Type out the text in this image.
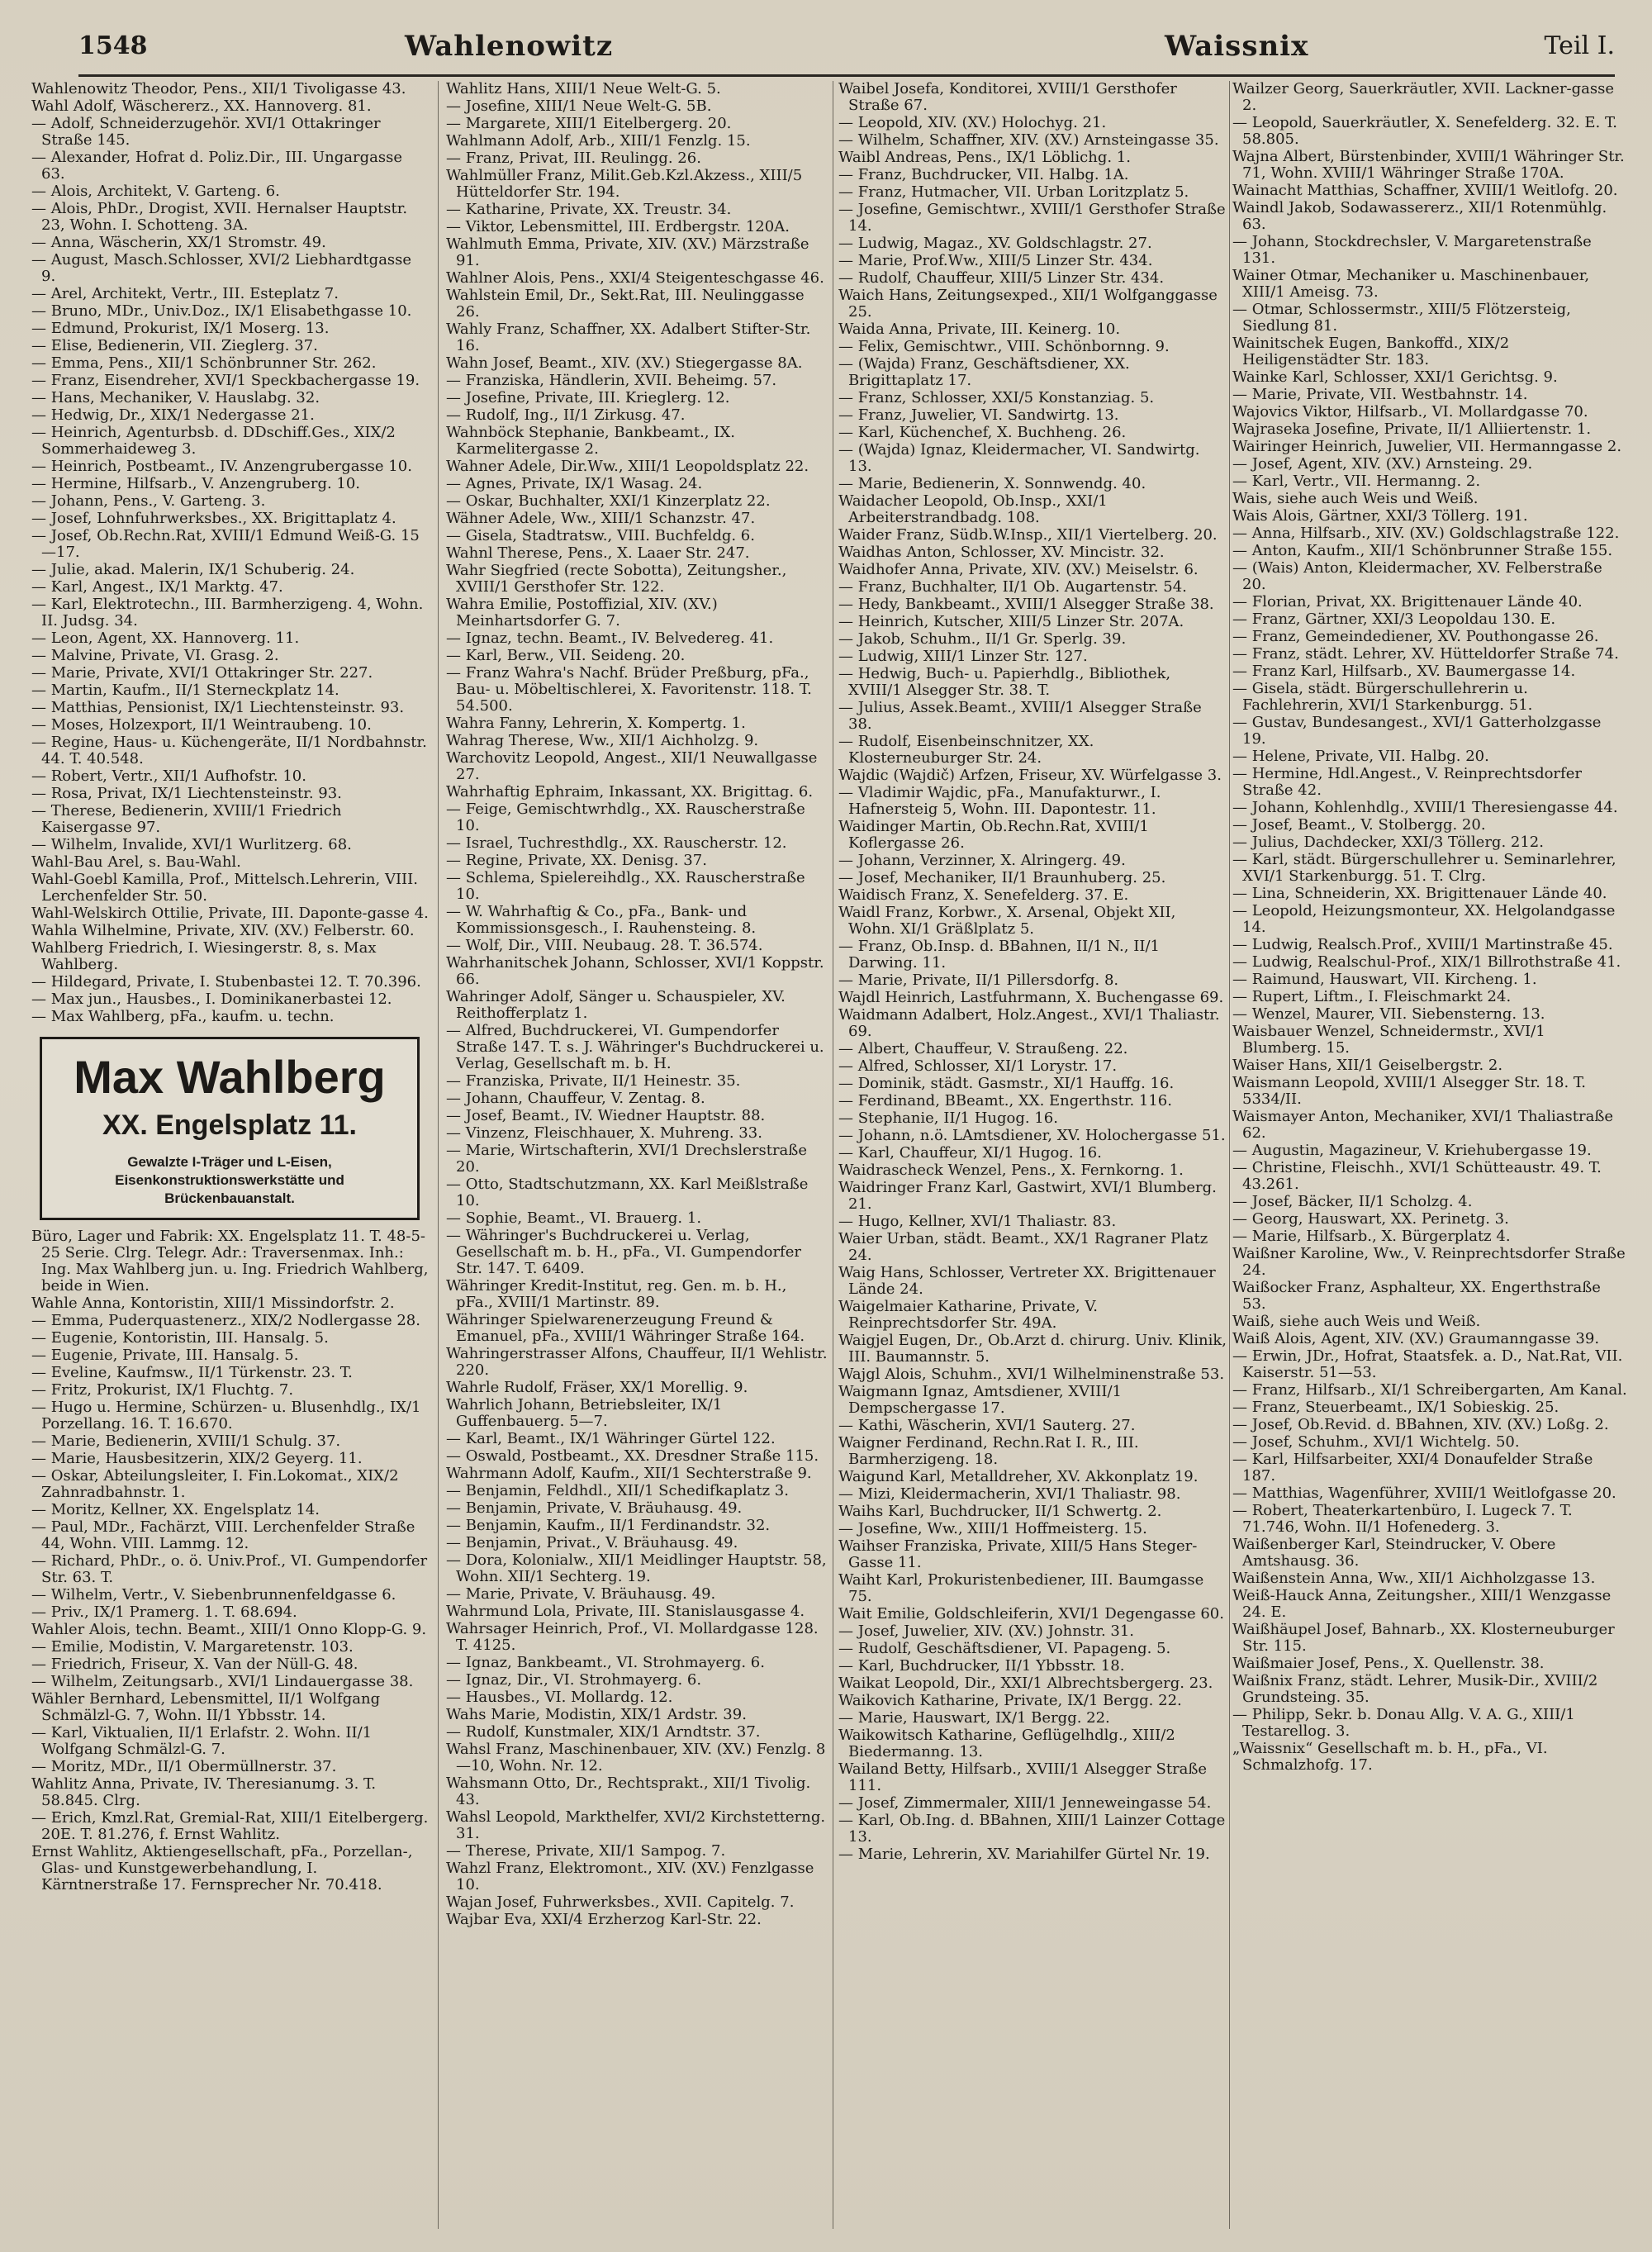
1548	Wahlenowitz	Waissnix	Teil I.
Wahlenowitz Theodor, Pens., XII/1 Tivoligasse 43.
Wahl Adolf, Wäschererz., XX. Hannoverg. 81.
— Adolf, Schneiderzugehör. XVI/1 Ottakringer Straße 145.
— Alexander, Hofrat d. Poliz.Dir., III. Ungargasse 63.
— Alois, Architekt, V. Garteng. 6.
— Alois, PhDr., Drogist, XVII. Hernalser Hauptstr. 23, Wohn. I. Schotteng. 3A.
— Anna, Wäscherin, XX/1 Stromstr. 49.
— August, Masch.Schlosser, XVI/2 Liebhardtgasse 9.
— Arel, Architekt, Vertr., III. Esteplatz 7.
— Bruno, MDr., Univ.Doz., IX/1 Elisabethgasse 10.
— Edmund, Prokurist, IX/1 Moserg. 13.
— Elise, Bedienerin, VII. Zieglerg. 37.
— Emma, Pens., XII/1 Schönbrunner Str. 262.
— Franz, Eisendreher, XVI/1 Speckbachergasse 19.
— Hans, Mechaniker, V. Hauslabg. 32.
— Hedwig, Dr., XIX/1 Nedergasse 21.
— Heinrich, Agenturbsb. d. DDschiff.Ges., XIX/2 Sommerhaideweg 3.
— Heinrich, Postbeamt., IV. Anzengrubergasse 10.
— Hermine, Hilfsarb., V. Anzengruberg. 10.
— Johann, Pens., V. Garteng. 3.
— Josef, Lohnfuhrwerksbes., XX. Brigittaplatz 4.
— Josef, Ob.Rechn.Rat, XVIII/1 Edmund Weiß-G. 15—17.
— Julie, akad. Malerin, IX/1 Schuberig. 24.
— Karl, Angest., IX/1 Marktg. 47.
— Karl, Elektrotechn., III. Barmherzigeng. 4, Wohn. II. Judsg. 34.
— Leon, Agent, XX. Hannoverg. 11.
— Malvine, Private, VI. Grasg. 2.
— Marie, Private, XVI/1 Ottakringer Str. 227.
— Martin, Kaufm., II/1 Sterneckplatz 14.
— Matthias, Pensionist, IX/1 Liechtensteinstr. 93.
— Moses, Holzexport, II/1 Weintraubeng. 10.
— Regine, Haus- u. Küchengeräte, II/1 Nordbahnstr. 44. T. 40.548.
— Robert, Vertr., XII/1 Aufhofstr. 10.
— Rosa, Privat, IX/1 Liechtensteinstr. 93.
— Therese, Bedienerin, XVIII/1 Friedrich Kaisergasse 97.
— Wilhelm, Invalide, XVI/1 Wurlitzerg. 68.
Wahl-Bau Arel, s. Bau-Wahl.
Wahl-Goebl Kamilla, Prof., Mittelsch.Lehrerin, VIII. Lerchenfelder Str. 50.
Wahl-Welskirch Ottilie, Private, III. Daponte-gasse 4.
Wahla Wilhelmine, Private, XIV. (XV.) Felberstr. 60.
Wahlberg Friedrich, I. Wiesingerstr. 8, s. Max Wahlberg.
— Hildegard, Private, I. Stubenbastei 12. T. 70.396.
— Max jun., Hausbes., I. Dominikanerbastei 12.
— Max Wahlberg, pFa., kaufm. u. techn.
Max Wahlberg
XX. Engelsplatz 11.
Gewalzte I-Träger und L-Eisen, Eisenkonstruktionswerkstätte und Brückenbauanstalt.
Büro, Lager und Fabrik: XX. Engelsplatz 11. T. 48-5-25 Serie. Clrg. Telegr. Adr.: Traversenmax. Inh.: Ing. Max Wahlberg jun. u. Ing. Friedrich Wahlberg, beide in Wien.
Wahle Anna, Kontoristin, XIII/1 Missindorfstr. 2.
— Emma, Puderquastenerz., XIX/2 Nodlergasse 28.
— Eugenie, Kontoristin, III. Hansalg. 5.
— Eugenie, Private, III. Hansalg. 5.
— Eveline, Kaufmsw., II/1 Türkenstr. 23. T.
— Fritz, Prokurist, IX/1 Fluchtg. 7.
— Hugo u. Hermine, Schürzen- u. Blusenhdlg., IX/1 Porzellang. 16. T. 16.670.
— Marie, Bedienerin, XVIII/1 Schulg. 37.
— Marie, Hausbesitzerin, XIX/2 Geyerg. 11.
— Oskar, Abteilungsleiter, I. Fin.Lokomat., XIX/2 Zahnradbahnstr. 1.
— Moritz, Kellner, XX. Engelsplatz 14.
— Paul, MDr., Fachärzt, VIII. Lerchenfelder Straße 44, Wohn. VIII. Lammg. 12.
— Richard, PhDr., o. ö. Univ.Prof., VI. Gumpendorfer Str. 63. T.
— Wilhelm, Vertr., V. Siebenbrunnenfeldgasse 6.
— Priv., IX/1 Pramerg. 1. T. 68.694.
Wahler Alois, techn. Beamt., XIII/1 Onno Klopp-G. 9.
— Emilie, Modistin, V. Margaretenstr. 103.
— Friedrich, Friseur, X. Van der Nüll-G. 48.
— Wilhelm, Zeitungsarb., XVI/1 Lindauergasse 38.
Wähler Bernhard, Lebensmittel, II/1 Wolfgang Schmälzl-G. 7, Wohn. II/1 Ybbsstr. 14.
— Karl, Viktualien, II/1 Erlafstr. 2. Wohn. II/1 Wolfgang Schmälzl-G. 7.
— Moritz, MDr., II/1 Obermüllnerstr. 37.
Wahlitz Anna, Private, IV. Theresianumg. 3. T. 58.845. Clrg.
— Erich, Kmzl.Rat, Gremial-Rat, XIII/1 Eitelbergerg. 20E. T. 81.276, f. Ernst Wahlitz.
Ernst Wahlitz, Aktiengesellschaft, pFa., Porzellan-, Glas- und Kunstgewerbehandlung, I. Kärntnerstraße 17. Fernsprecher Nr. 70.418.
Wahlitz Hans, XIII/1 Neue Welt-G. 5.
— Josefine, XIII/1 Neue Welt-G. 5B.
— Margarete, XIII/1 Eitelbergerg. 20.
Wahlmann Adolf, Arb., XIII/1 Fenzlg. 15.
— Franz, Privat, III. Reulingg. 26.
Wahlmüller Franz, Milit.Geb.Kzl.Akzess., XIII/5 Hütteldorfer Str. 194.
— Katharine, Private, XX. Treustr. 34.
— Viktor, Lebensmittel, III. Erdbergstr. 120A.
Wahlmuth Emma, Private, XIV. (XV.) Märzstraße 91.
Wahlner Alois, Pens., XXI/4 Steigenteschgasse 46.
Wahlstein Emil, Dr., Sekt.Rat, III. Neulinggasse 26.
Wahly Franz, Schaffner, XX. Adalbert Stifter-Str. 16.
Wahn Josef, Beamt., XIV. (XV.) Stiegergasse 8A.
— Franziska, Händlerin, XVII. Beheimg. 57.
— Josefine, Private, III. Krieglerg. 12.
— Rudolf, Ing., II/1 Zirkusg. 47.
Wahnböck Stephanie, Bankbeamt., IX. Karmelitergasse 2.
Wahner Adele, Dir.Ww., XIII/1 Leopoldsplatz 22.
— Agnes, Private, IX/1 Wasag. 24.
— Oskar, Buchhalter, XXI/1 Kinzerplatz 22.
Wähner Adele, Ww., XIII/1 Schanzstr. 47.
— Gisela, Stadtratsw., VIII. Buchfeldg. 6.
Wahnl Therese, Pens., X. Laaer Str. 247.
Wahr Siegfried (recte Sobotta), Zeitungsher., XVIII/1 Gersthofer Str. 122.
Wahra Emilie, Postoffizial, XIV. (XV.) Meinhartsdorfer G. 7.
— Ignaz, techn. Beamt., IV. Belvedereg. 41.
— Karl, Berw., VII. Seideng. 20.
— Franz Wahra's Nachf. Brüder Preßburg, pFa., Bau- u. Möbeltischlerei, X. Favoritenstr. 118. T. 54.500.
Wahra Fanny, Lehrerin, X. Kompertg. 1.
Wahrag Therese, Ww., XII/1 Aichholzg. 9.
Warchovitz Leopold, Angest., XII/1 Neuwallgasse 27.
Wahrhaftig Ephraim, Inkassant, XX. Brigittag. 6.
— Feige, Gemischtwrhdlg., XX. Rauscherstraße 10.
— Israel, Tuchresthdlg., XX. Rauscherstr. 12.
— Regine, Private, XX. Denisg. 37.
— Schlema, Spielereihdlg., XX. Rauscherstraße 10.
— W. Wahrhaftig & Co., pFa., Bank- und Kommissionsgesch., I. Rauhensteing. 8.
— Wolf, Dir., VIII. Neubaug. 28. T. 36.574.
Wahrhanitschek Johann, Schlosser, XVI/1 Koppstr. 66.
Wahringer Adolf, Sänger u. Schauspieler, XV. Reithofferplatz 1.
— Alfred, Buchdruckerei, VI. Gumpendorfer Straße 147. T. s. J. Währinger's Buchdruckerei u. Verlag, Gesellschaft m. b. H.
— Franziska, Private, II/1 Heinestr. 35.
— Johann, Chauffeur, V. Zentag. 8.
— Josef, Beamt., IV. Wiedner Hauptstr. 88.
— Vinzenz, Fleischhauer, X. Muhreng. 33.
— Marie, Wirtschafterin, XVI/1 Drechslerstraße 20.
— Otto, Stadtschutzmann, XX. Karl Meißlstraße 10.
— Sophie, Beamt., VI. Brauerg. 1.
— Währinger's Buchdruckerei u. Verlag, Gesellschaft m. b. H., pFa., VI. Gumpendorfer Str. 147. T. 6409.
Währinger Kredit-Institut, reg. Gen. m. b. H., pFa., XVIII/1 Martinstr. 89.
Währinger Spielwarenerzeugung Freund & Emanuel, pFa., XVIII/1 Währinger Straße 164.
Wahringerstrasser Alfons, Chauffeur, II/1 Wehlistr. 220.
Wahrle Rudolf, Fräser, XX/1 Morellig. 9.
Wahrlich Johann, Betriebsleiter, IX/1 Guffenbauerg. 5—7.
— Karl, Beamt., IX/1 Währinger Gürtel 122.
— Oswald, Postbeamt., XX. Dresdner Straße 115.
Wahrmann Adolf, Kaufm., XII/1 Sechterstraße 9.
— Benjamin, Feldhdl., XII/1 Schedifkaplatz 3.
— Benjamin, Private, V. Bräuhausg. 49.
— Benjamin, Kaufm., II/1 Ferdinandstr. 32.
— Benjamin, Privat., V. Bräuhausg. 49.
— Dora, Kolonialw., XII/1 Meidlinger Hauptstr. 58, Wohn. XII/1 Sechterg. 19.
— Marie, Private, V. Bräuhausg. 49.
Wahrmund Lola, Private, III. Stanislausgasse 4.
Wahrsager Heinrich, Prof., VI. Mollardgasse 128. T. 4125.
— Ignaz, Bankbeamt., VI. Strohmayerg. 6.
— Ignaz, Dir., VI. Strohmayerg. 6.
— Hausbes., VI. Mollardg. 12.
Wahs Marie, Modistin, XIX/1 Ardstr. 39.
— Rudolf, Kunstmaler, XIX/1 Arndtstr. 37.
Wahsl Franz, Maschinenbauer, XIV. (XV.) Fenzlg. 8—10, Wohn. Nr. 12.
Wahsmann Otto, Dr., Rechtsprakt., XII/1 Tivolig. 43.
Wahsl Leopold, Markthelfer, XVI/2 Kirchstetterng. 31.
— Therese, Private, XII/1 Sampog. 7.
Wahzl Franz, Elektromont., XIV. (XV.) Fenzlgasse 10.
Wajan Josef, Fuhrwerksbes., XVII. Capitelg. 7.
Wajbar Eva, XXI/4 Erzherzog Karl-Str. 22.
Waibel Josefa, Konditorei, XVIII/1 Gersthofer Straße 67.
— Leopold, XIV. (XV.) Holochyg. 21.
— Wilhelm, Schaffner, XIV. (XV.) Arnsteingasse 35.
Waibl Andreas, Pens., IX/1 Löblichg. 1.
— Franz, Buchdrucker, VII. Halbg. 1A.
— Franz, Hutmacher, VII. Urban Loritzplatz 5.
— Josefine, Gemischtwr., XVIII/1 Gersthofer Straße 14.
— Ludwig, Magaz., XV. Goldschlagstr. 27.
— Marie, Prof.Ww., XIII/5 Linzer Str. 434.
— Rudolf, Chauffeur, XIII/5 Linzer Str. 434.
Waich Hans, Zeitungsexped., XII/1 Wolfganggasse 25.
Waida Anna, Private, III. Keinerg. 10.
— Felix, Gemischtwr., VIII. Schönbornng. 9.
— (Wajda) Franz, Geschäftsdiener, XX. Brigittaplatz 17.
— Franz, Schlosser, XXI/5 Konstanziag. 5.
— Franz, Juwelier, VI. Sandwirtg. 13.
— Karl, Küchenchef, X. Buchheng. 26.
— (Wajda) Ignaz, Kleidermacher, VI. Sandwirtg. 13.
— Marie, Bedienerin, X. Sonnwendg. 40.
Waidacher Leopold, Ob.Insp., XXI/1 Arbeiterstrandbadg. 108.
Waider Franz, Südb.W.Insp., XII/1 Viertelberg. 20.
Waidhas Anton, Schlosser, XV. Mincistr. 32.
Waidhofer Anna, Private, XIV. (XV.) Meiselstr. 6.
— Franz, Buchhalter, II/1 Ob. Augartenstr. 54.
— Hedy, Bankbeamt., XVIII/1 Alsegger Straße 38.
— Heinrich, Kutscher, XIII/5 Linzer Str. 207A.
— Jakob, Schuhm., II/1 Gr. Sperlg. 39.
— Ludwig, XIII/1 Linzer Str. 127.
— Hedwig, Buch- u. Papierhdlg., Bibliothek, XVIII/1 Alsegger Str. 38. T.
— Julius, Assek.Beamt., XVIII/1 Alsegger Straße 38.
— Rudolf, Eisenbeinschnitzer, XX. Klosterneuburger Str. 24.
Wajdic (Wajdič) Arfzen, Friseur, XV. Würfelgasse 3.
— Vladimir Wajdic, pFa., Manufakturwr., I. Hafnersteig 5, Wohn. III. Dapontestr. 11.
Waidinger Martin, Ob.Rechn.Rat, XVIII/1 Koflergasse 26.
— Johann, Verzinner, X. Alringerg. 49.
— Josef, Mechaniker, II/1 Braunhuberg. 25.
Waidisch Franz, X. Senefelderg. 37. E.
Waidl Franz, Korbwr., X. Arsenal, Objekt XII, Wohn. XI/1 Gräßlplatz 5.
— Franz, Ob.Insp. d. BBahnen, II/1 N., II/1 Darwing. 11.
— Marie, Private, II/1 Pillersdorfg. 8.
Wajdl Heinrich, Lastfuhrmann, X. Buchengasse 69.
Waidmann Adalbert, Holz.Angest., XVI/1 Thaliastr. 69.
— Albert, Chauffeur, V. Straußeng. 22.
— Alfred, Schlosser, XI/1 Lorystr. 17.
— Dominik, städt. Gasmstr., XI/1 Hauffg. 16.
— Ferdinand, BBeamt., XX. Engerthstr. 116.
— Stephanie, II/1 Hugog. 16.
— Johann, n.ö. LAmtsdiener, XV. Holochergasse 51.
— Karl, Chauffeur, XI/1 Hugog. 16.
Waidrascheck Wenzel, Pens., X. Fernkorng. 1.
Waidringer Franz Karl, Gastwirt, XVI/1 Blumberg. 21.
— Hugo, Kellner, XVI/1 Thaliastr. 83.
Waier Urban, städt. Beamt., XX/1 Ragraner Platz 24.
Waig Hans, Schlosser, Vertreter XX. Brigittenauer Lände 24.
Waigelmaier Katharine, Private, V. Reinprechtsdorfer Str. 49A.
Waigjel Eugen, Dr., Ob.Arzt d. chirurg. Univ. Klinik, III. Baumannstr. 5.
Wajgl Alois, Schuhm., XVI/1 Wilhelminenstraße 53.
Waigmann Ignaz, Amtsdiener, XVIII/1 Dempschergasse 17.
— Kathi, Wäscherin, XVI/1 Sauterg. 27.
Waigner Ferdinand, Rechn.Rat I. R., III. Barmherzigeng. 18.
Waigund Karl, Metalldreher, XV. Akkonplatz 19.
— Mizi, Kleidermacherin, XVI/1 Thaliastr. 98.
Waihs Karl, Buchdrucker, II/1 Schwertg. 2.
— Josefine, Ww., XIII/1 Hoffmeisterg. 15.
Waihser Franziska, Private, XIII/5 Hans Steger-Gasse 11.
Waiht Karl, Prokuristenbediener, III. Baumgasse 75.
Wait Emilie, Goldschleiferin, XVI/1 Degengasse 60.
— Josef, Juwelier, XIV. (XV.) Johnstr. 31.
— Rudolf, Geschäftsdiener, VI. Papageng. 5.
— Karl, Buchdrucker, II/1 Ybbsstr. 18.
Waikat Leopold, Dir., XXI/1 Albrechtsbergerg. 23.
Waikovich Katharine, Private, IX/1 Bergg. 22.
— Marie, Hauswart, IX/1 Bergg. 22.
Waikowitsch Katharine, Geflügelhdlg., XIII/2 Biedermanng. 13.
Wailand Betty, Hilfsarb., XVIII/1 Alsegger Straße 111.
— Josef, Zimmermaler, XIII/1 Jenneweingasse 54.
— Karl, Ob.Ing. d. BBahnen, XIII/1 Lainzer Cottage 13.
— Marie, Lehrerin, XV. Mariahilfer Gürtel Nr. 19.
Wailzer Georg, Sauerkräutler, XVII. Lackner-gasse 2.
— Leopold, Sauerkräutler, X. Senefelderg. 32. E. T. 58.805.
Wajna Albert, Bürstenbinder, XVIII/1 Währinger Str. 71, Wohn. XVIII/1 Währinger Straße 170A.
Wainacht Matthias, Schaffner, XVIII/1 Weitlofg. 20.
Waindl Jakob, Sodawassererz., XII/1 Rotenmühlg. 63.
— Johann, Stockdrechsler, V. Margaretenstraße 131.
Wainer Otmar, Mechaniker u. Maschinenbauer, XIII/1 Ameisg. 73.
— Otmar, Schlossermstr., XIII/5 Flötzersteig, Siedlung 81.
Wainitschek Eugen, Bankoffd., XIX/2 Heiligenstädter Str. 183.
Wainke Karl, Schlosser, XXI/1 Gerichtsg. 9.
— Marie, Private, VII. Westbahnstr. 14.
Wajovics Viktor, Hilfsarb., VI. Mollardgasse 70.
Wajraseka Josefine, Private, II/1 Alliiertenstr. 1.
Wairinger Heinrich, Juwelier, VII. Hermanngasse 2.
— Josef, Agent, XIV. (XV.) Arnsteing. 29.
— Karl, Vertr., VII. Hermanng. 2.
Wais, siehe auch Weis und Weiß.
Wais Alois, Gärtner, XXI/3 Töllerg. 191.
— Anna, Hilfsarb., XIV. (XV.) Goldschlagstraße 122.
— Anton, Kaufm., XII/1 Schönbrunner Straße 155.
— (Wais) Anton, Kleidermacher, XV. Felberstraße 20.
— Florian, Privat, XX. Brigittenauer Lände 40.
— Franz, Gärtner, XXI/3 Leopoldau 130. E.
— Franz, Gemeindediener, XV. Pouthongasse 26.
— Franz, städt. Lehrer, XV. Hütteldorfer Straße 74.
— Franz Karl, Hilfsarb., XV. Baumergasse 14.
— Gisela, städt. Bürgerschullehrerin u. Fachlehrerin, XVI/1 Starkenburgg. 51.
— Gustav, Bundesangest., XVI/1 Gatterholzgasse 19.
— Helene, Private, VII. Halbg. 20.
— Hermine, Hdl.Angest., V. Reinprechtsdorfer Straße 42.
— Johann, Kohlenhdlg., XVIII/1 Theresiengasse 44.
— Josef, Beamt., V. Stolbergg. 20.
— Julius, Dachdecker, XXI/3 Töllerg. 212.
— Karl, städt. Bürgerschullehrer u. Seminarlehrer, XVI/1 Starkenburgg. 51. T. Clrg.
— Lina, Schneiderin, XX. Brigittenauer Lände 40.
— Leopold, Heizungsmonteur, XX. Helgolandgasse 14.
— Ludwig, Realsch.Prof., XVIII/1 Martinstraße 45.
— Ludwig, Realschul-Prof., XIX/1 Billrothstraße 41.
— Raimund, Hauswart, VII. Kircheng. 1.
— Rupert, Liftm., I. Fleischmarkt 24.
— Wenzel, Maurer, VII. Siebensterng. 13.
Waisbauer Wenzel, Schneidermstr., XVI/1 Blumberg. 15.
Waiser Hans, XII/1 Geiselbergstr. 2.
Waismann Leopold, XVIII/1 Alsegger Str. 18. T. 5334/II.
Waismayer Anton, Mechaniker, XVI/1 Thaliastraße 62.
— Augustin, Magazineur, V. Kriehubergasse 19.
— Christine, Fleischh., XVI/1 Schütteaustr. 49. T. 43.261.
— Josef, Bäcker, II/1 Scholzg. 4.
— Georg, Hauswart, XX. Perinetg. 3.
— Marie, Hilfsarb., X. Bürgerplatz 4.
Waißner Karoline, Ww., V. Reinprechtsdorfer Straße 24.
Waißocker Franz, Asphalteur, XX. Engerthstraße 53.
Waiß, siehe auch Weis und Weiß.
Waiß Alois, Agent, XIV. (XV.) Graumanngasse 39.
— Erwin, JDr., Hofrat, Staatsfek. a. D., Nat.Rat, VII. Kaiserstr. 51—53.
— Franz, Hilfsarb., XI/1 Schreibergarten, Am Kanal.
— Franz, Steuerbeamt., IX/1 Sobieskig. 25.
— Josef, Ob.Revid. d. BBahnen, XIV. (XV.) Loßg. 2.
— Josef, Schuhm., XVI/1 Wichtelg. 50.
— Karl, Hilfsarbeiter, XXI/4 Donaufelder Straße 187.
— Matthias, Wagenführer, XVIII/1 Weitlofgasse 20.
— Robert, Theaterkartenbüro, I. Lugeck 7. T. 71.746, Wohn. II/1 Hofenederg. 3.
Waißenberger Karl, Steindrucker, V. Obere Amtshausg. 36.
Waißenstein Anna, Ww., XII/1 Aichholzgasse 13.
Weiß-Hauck Anna, Zeitungsher., XIII/1 Wenzgasse 24. E.
Waißhäupel Josef, Bahnarb., XX. Klosterneuburger Str. 115.
Waißmaier Josef, Pens., X. Quellenstr. 38.
Waißnix Franz, städt. Lehrer, Musik-Dir., XVIII/2 Grundsteing. 35.
— Philipp, Sekr. b. Donau Allg. V. A. G., XIII/1 Testarellog. 3.
„Waissnix“ Gesellschaft m. b. H., pFa., VI. Schmalzhofg. 17.
